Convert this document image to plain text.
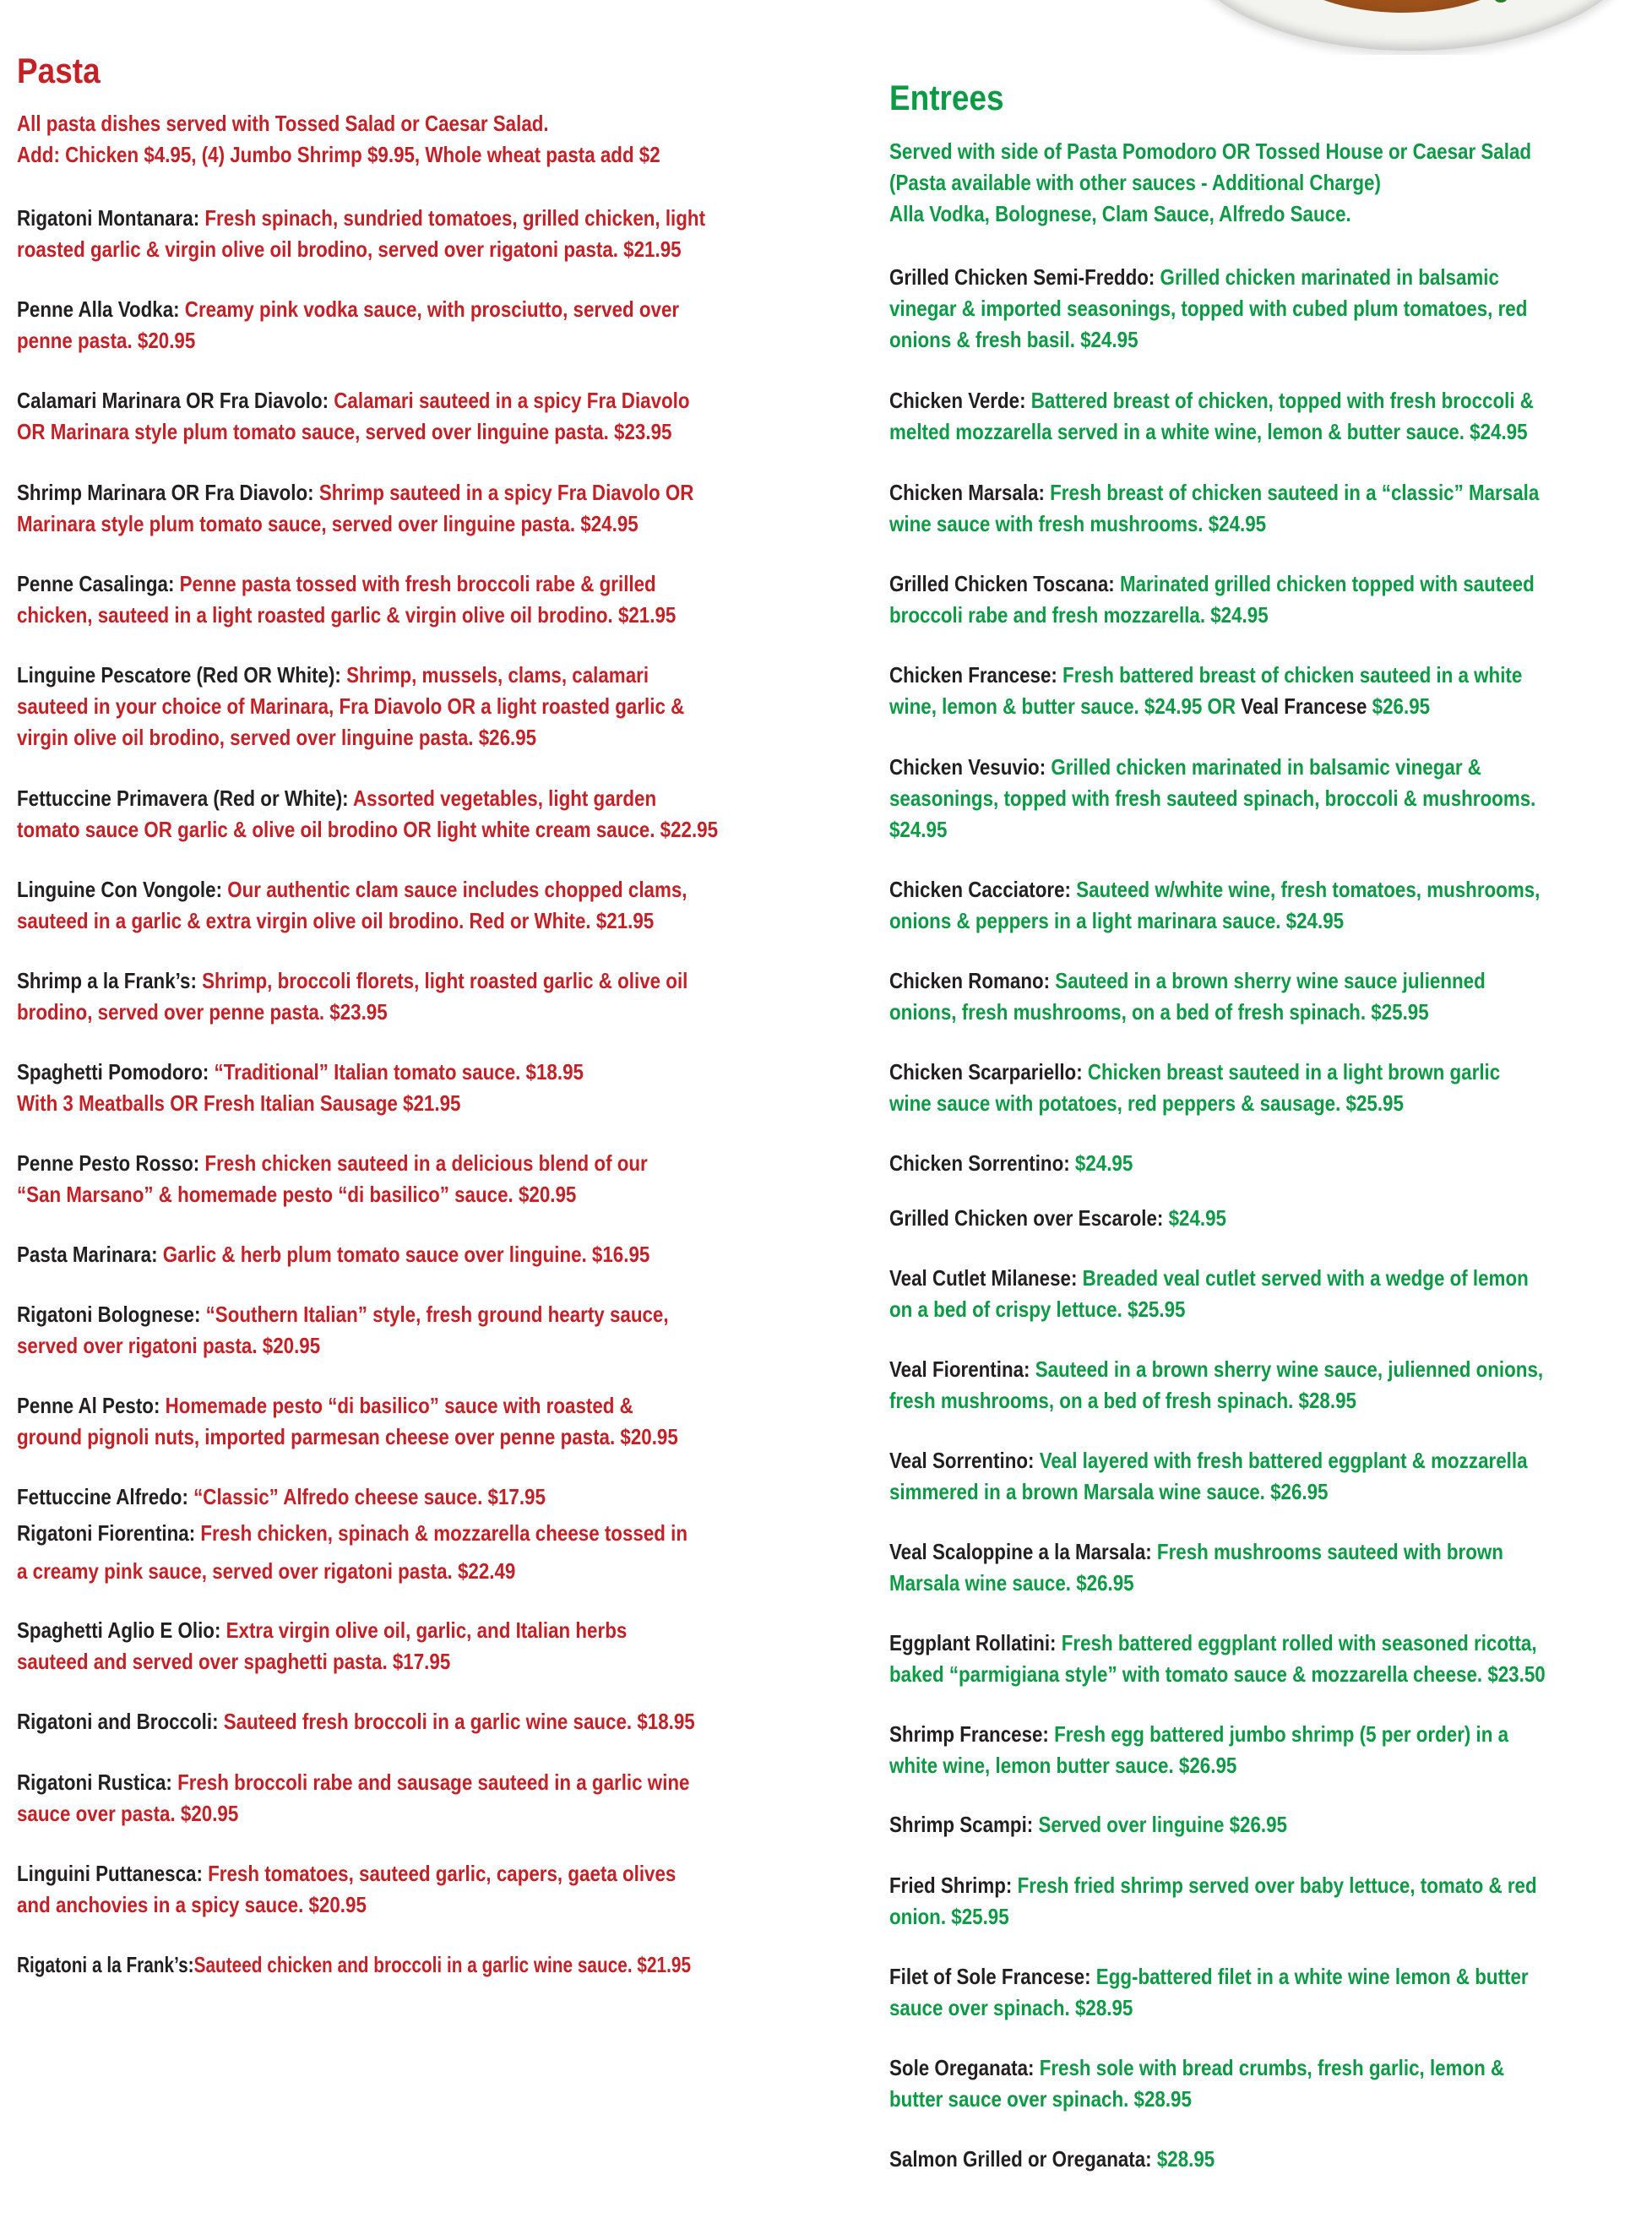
Pasta
All pasta dishes served with Tossed Salad or Caesar Salad.
Add: Chicken $4.95, (4) Jumbo Shrimp $9.95, Whole wheat pasta add $2
Rigatoni Montanara: Fresh spinach, sundried tomatoes, grilled chicken, light
roasted garlic & virgin olive oil brodino, served over rigatoni pasta. $21.95
Penne Alla Vodka: Creamy pink vodka sauce, with prosciutto, served over
penne pasta. $20.95
Calamari Marinara OR Fra Diavolo: Calamari sauteed in a spicy Fra Diavolo
OR Marinara style plum tomato sauce, served over linguine pasta. $23.95
Shrimp Marinara OR Fra Diavolo: Shrimp sauteed in a spicy Fra Diavolo OR
Marinara style plum tomato sauce, served over linguine pasta. $24.95
Penne Casalinga: Penne pasta tossed with fresh broccoli rabe & grilled
chicken, sauteed in a light roasted garlic & virgin olive oil brodino. $21.95
Linguine Pescatore (Red OR White): Shrimp, mussels, clams, calamari
sauteed in your choice of Marinara, Fra Diavolo OR a light roasted garlic &
virgin olive oil brodino, served over linguine pasta. $26.95
Fettuccine Primavera (Red or White): Assorted vegetables, light garden
tomato sauce OR garlic & olive oil brodino OR light white cream sauce. $22.95
Linguine Con Vongole: Our authentic clam sauce includes chopped clams,
sauteed in a garlic & extra virgin olive oil brodino. Red or White. $21.95
Shrimp a la Frank’s: Shrimp, broccoli florets, light roasted garlic & olive oil
brodino, served over penne pasta. $23.95
Spaghetti Pomodoro: “Traditional” Italian tomato sauce. $18.95
With 3 Meatballs OR Fresh Italian Sausage $21.95
Penne Pesto Rosso: Fresh chicken sauteed in a delicious blend of our
“San Marsano” & homemade pesto “di basilico” sauce. $20.95
Pasta Marinara: Garlic & herb plum tomato sauce over linguine. $16.95
Rigatoni Bolognese: “Southern Italian” style, fresh ground hearty sauce,
served over rigatoni pasta. $20.95
Penne Al Pesto: Homemade pesto “di basilico” sauce with roasted &
ground pignoli nuts, imported parmesan cheese over penne pasta. $20.95
Fettuccine Alfredo: “Classic” Alfredo cheese sauce. $17.95
Rigatoni Fiorentina: Fresh chicken, spinach & mozzarella cheese tossed in
a creamy pink sauce, served over rigatoni pasta. $22.49
Spaghetti Aglio E Olio: Extra virgin olive oil, garlic, and Italian herbs
sauteed and served over spaghetti pasta. $17.95
Rigatoni and Broccoli: Sauteed fresh broccoli in a garlic wine sauce. $18.95
Rigatoni Rustica: Fresh broccoli rabe and sausage sauteed in a garlic wine
sauce over pasta. $20.95
Linguini Puttanesca: Fresh tomatoes, sauteed garlic, capers, gaeta olives
and anchovies in a spicy sauce. $20.95
Rigatoni a la Frank’s:Sauteed chicken and broccoli in a garlic wine sauce. $21.95
Entrees
Served with side of Pasta Pomodoro OR Tossed House or Caesar Salad
(Pasta available with other sauces - Additional Charge)
Alla Vodka, Bolognese, Clam Sauce, Alfredo Sauce.
Grilled Chicken Semi-Freddo: Grilled chicken marinated in balsamic
vinegar & imported seasonings, topped with cubed plum tomatoes, red
onions & fresh basil. $24.95
Chicken Verde: Battered breast of chicken, topped with fresh broccoli &
melted mozzarella served in a white wine, lemon & butter sauce. $24.95
Chicken Marsala: Fresh breast of chicken sauteed in a “classic” Marsala
wine sauce with fresh mushrooms. $24.95
Grilled Chicken Toscana: Marinated grilled chicken topped with sauteed
broccoli rabe and fresh mozzarella. $24.95
Chicken Francese: Fresh battered breast of chicken sauteed in a white
wine, lemon & butter sauce. $24.95 OR Veal Francese $26.95
Chicken Vesuvio: Grilled chicken marinated in balsamic vinegar &
seasonings, topped with fresh sauteed spinach, broccoli & mushrooms.
$24.95
Chicken Cacciatore: Sauteed w/white wine, fresh tomatoes, mushrooms,
onions & peppers in a light marinara sauce. $24.95
Chicken Romano: Sauteed in a brown sherry wine sauce julienned
onions, fresh mushrooms, on a bed of fresh spinach. $25.95
Chicken Scarpariello: Chicken breast sauteed in a light brown garlic
wine sauce with potatoes, red peppers & sausage. $25.95
Chicken Sorrentino: $24.95
Grilled Chicken over Escarole: $24.95
Veal Cutlet Milanese: Breaded veal cutlet served with a wedge of lemon
on a bed of crispy lettuce. $25.95
Veal Fiorentina: Sauteed in a brown sherry wine sauce, julienned onions,
fresh mushrooms, on a bed of fresh spinach. $28.95
Veal Sorrentino: Veal layered with fresh battered eggplant & mozzarella
simmered in a brown Marsala wine sauce. $26.95
Veal Scaloppine a la Marsala: Fresh mushrooms sauteed with brown
Marsala wine sauce. $26.95
Eggplant Rollatini: Fresh battered eggplant rolled with seasoned ricotta,
baked “parmigiana style” with tomato sauce & mozzarella cheese. $23.50
Shrimp Francese: Fresh egg battered jumbo shrimp (5 per order) in a
white wine, lemon butter sauce. $26.95
Shrimp Scampi: Served over linguine $26.95
Fried Shrimp: Fresh fried shrimp served over baby lettuce, tomato & red
onion. $25.95
Filet of Sole Francese: Egg-battered filet in a white wine lemon & butter
sauce over spinach. $28.95
Sole Oreganata: Fresh sole with bread crumbs, fresh garlic, lemon &
butter sauce over spinach. $28.95
Salmon Grilled or Oreganata: $28.95
